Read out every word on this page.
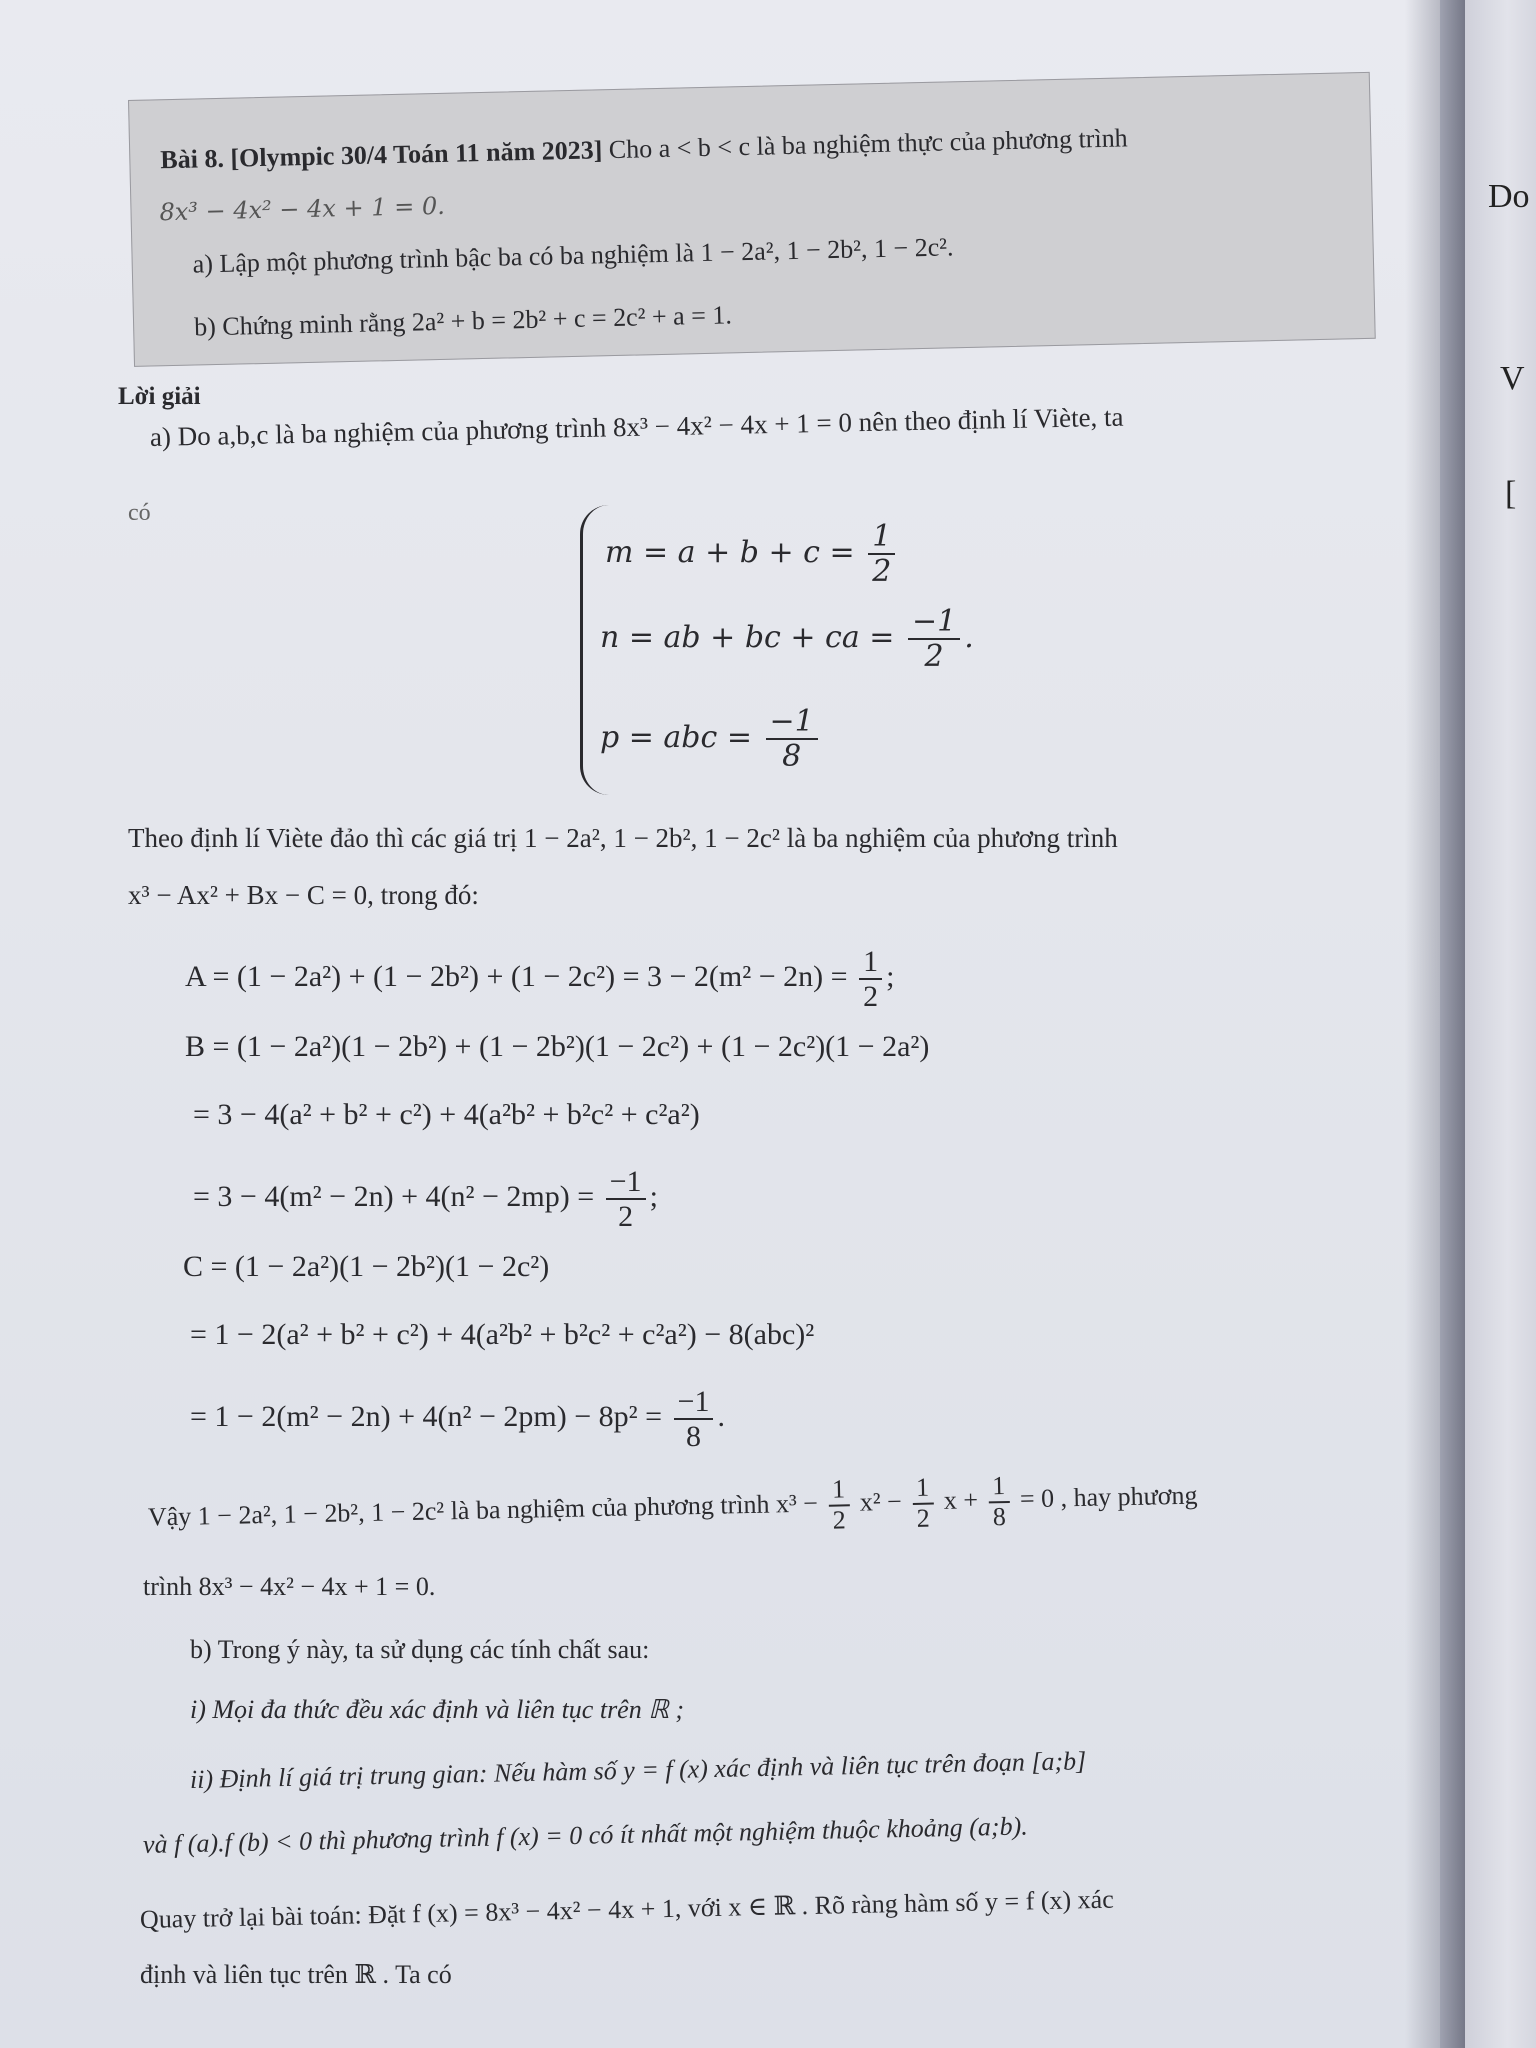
Do
V
[
Bài 8. [Olympic 30/4 Toán 11 năm 2023] Cho a < b < c là ba nghiệm thực của phương trình
8x³ − 4x² − 4x + 1 = 0.
a) Lập một phương trình bậc ba có ba nghiệm là 1 − 2a², 1 − 2b², 1 − 2c².
b) Chứng minh rằng 2a² + b = 2b² + c = 2c² + a = 1.
Lời giải
a) Do a,b,c là ba nghiệm của phương trình 8x³ − 4x² − 4x + 1 = 0 nên theo định lí Viète, ta
có
$m = a + b + c = \frac{1}{2}$
n = ab + bc + ca = $\frac{-1}{2}$ .
p = abc = $\frac{-1}{8}$
Theo định lí Viète đảo thì các giá trị 1 − 2a², 1 − 2b², 1 − 2c² là ba nghiệm của phương trình
x³ − Ax² + Bx − C = 0, trong đó:
$A = (1 - 2a^2) + (1 - 2b^2) + (1 - 2c^2) = 3 - 2(m^2 - 2n) = \frac{1}{2}$ ;
B = (1 − 2a²)(1 − 2b²) + (1 − 2b²)(1 − 2c²) + (1 − 2c²)(1 − 2a²)
= 3 − 4(a² + b² + c²) + 4(a²b² + b²c² + c²a²)
= $3 - 4(m^2 - 2n) + 4(n^2 - 2mp) = \frac{-1}{2}$ ;
C = (1 − 2a²)(1 − 2b²)(1 − 2c²)
= 1 − 2(a² + b² + c²) + 4(a²b² + b²c² + c²a²) − 8(abc)²
= $1 - 2(m^2 - 2n) + 4(n^2 - 2pm) - 8p^2 = \frac{-1}{8}$ .
Vậy 1 − 2a², 1 − 2b², 1 − 2c² là ba nghiệm của phương trình $x^3 - \frac{1}{2} x^2 - \frac{1}{2}$ $x + \frac{1}{8} = 0$ , hay phương
trình 8x³ − 4x² − 4x + 1 = 0.
b) Trong ý này, ta sử dụng các tính chất sau:
i) Mọi đa thức đều xác định và liên tục trên ℝ ;
ii) Định lí giá trị trung gian: Nếu hàm số y = f (x) xác định và liên tục trên đoạn [a;b]
và f (a).f (b) < 0 thì phương trình f (x) = 0 có ít nhất một nghiệm thuộc khoảng (a;b).
Quay trở lại bài toán: Đặt f (x) = 8x³ − 4x² − 4x + 1, với x ∈ ℝ . Rõ ràng hàm số y = f (x) xác
định và liên tục trên ℝ . Ta có
